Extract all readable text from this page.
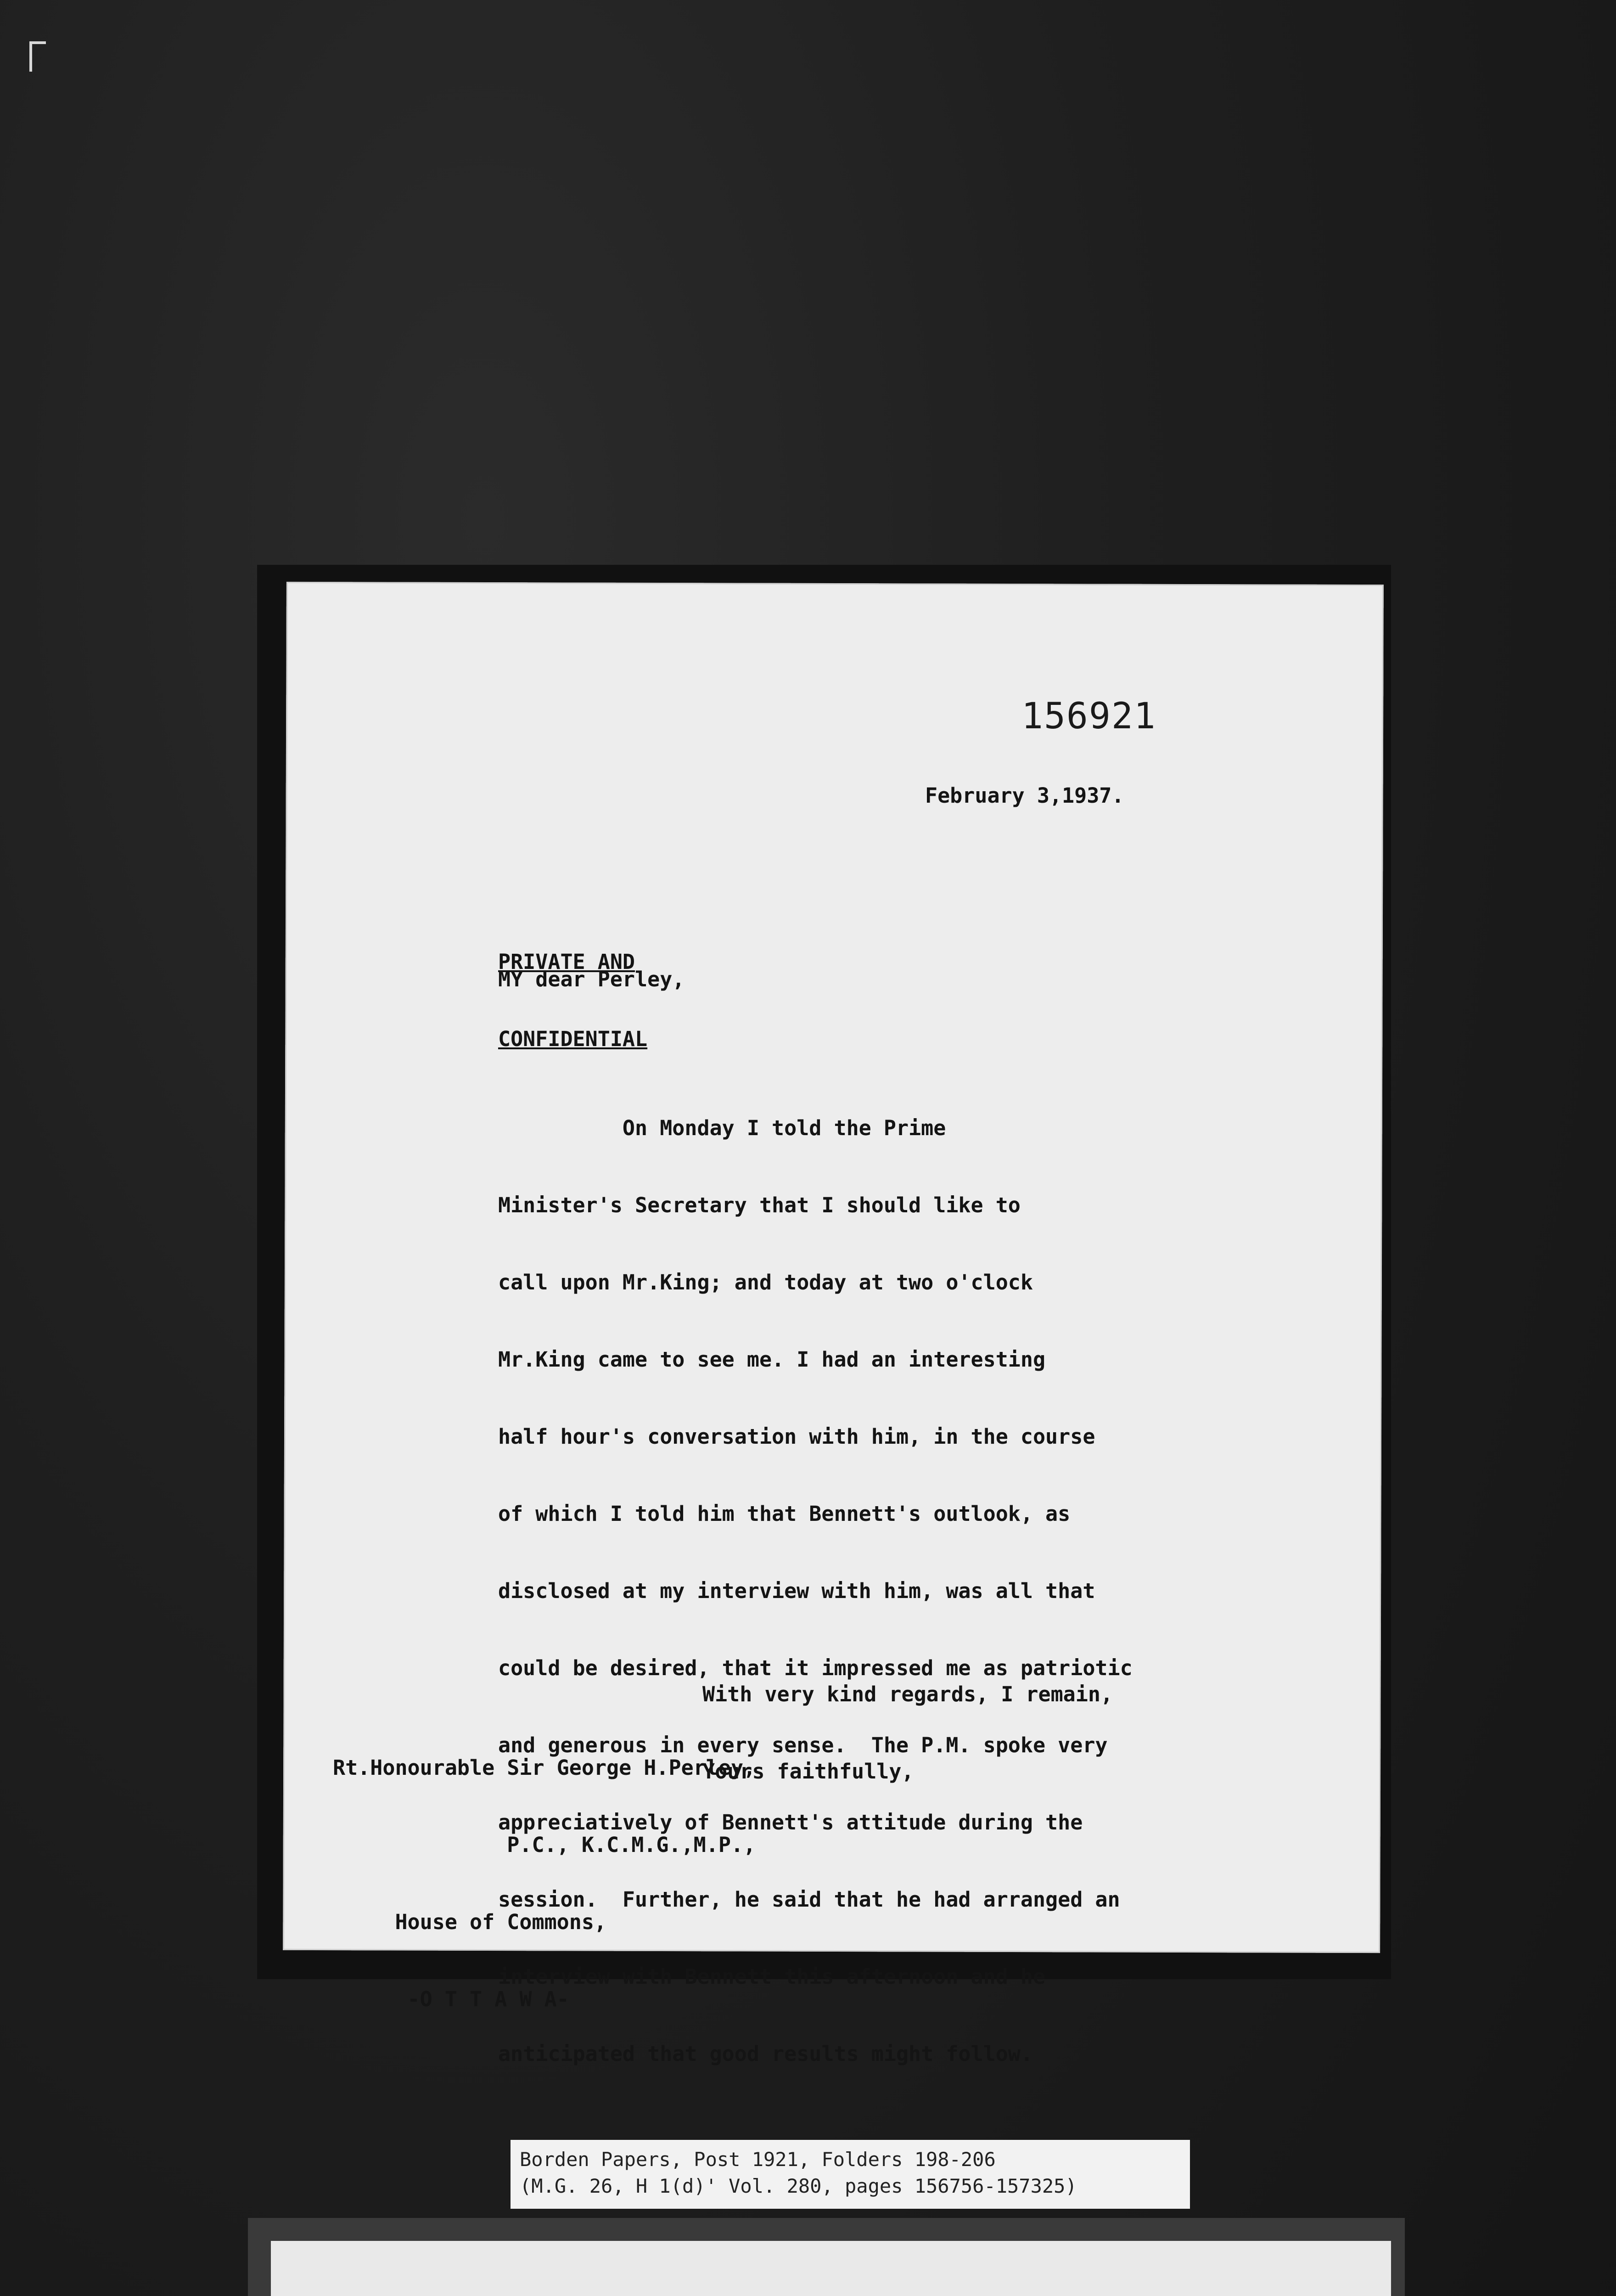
156921
February 3,1937.

PRIVATE AND

CONFIDENTIAL

MY dear Perley,

On Monday I told the Prime

Minister's Secretary that I should like to

call upon Mr.King; and today at two o'clock

Mr.King came to see me. I had an interesting

half hour's conversation with him, in the course

of which I told him that Bennett's outlook, as

disclosed at my interview with him, was all that

could be desired, that it impressed me as patriotic

and generous in every sense.  The P.M. spoke very

appreciatively of Bennett's attitude during the

session.  Further, he said that he had arranged an

interview with Bennett this afternoon and he

anticipated that good results might follow.

With very kind regards, I remain,

Yours faithfully,

Rt.Honourable Sir George H.Perley,

P.C., K.C.M.G.,M.P.,

House of Commons,

-O T T A W A-

Borden Papers, Post 1921, Folders 198-206
(M.G. 26, H 1(d)' Vol. 280, pages 156756-157325)
